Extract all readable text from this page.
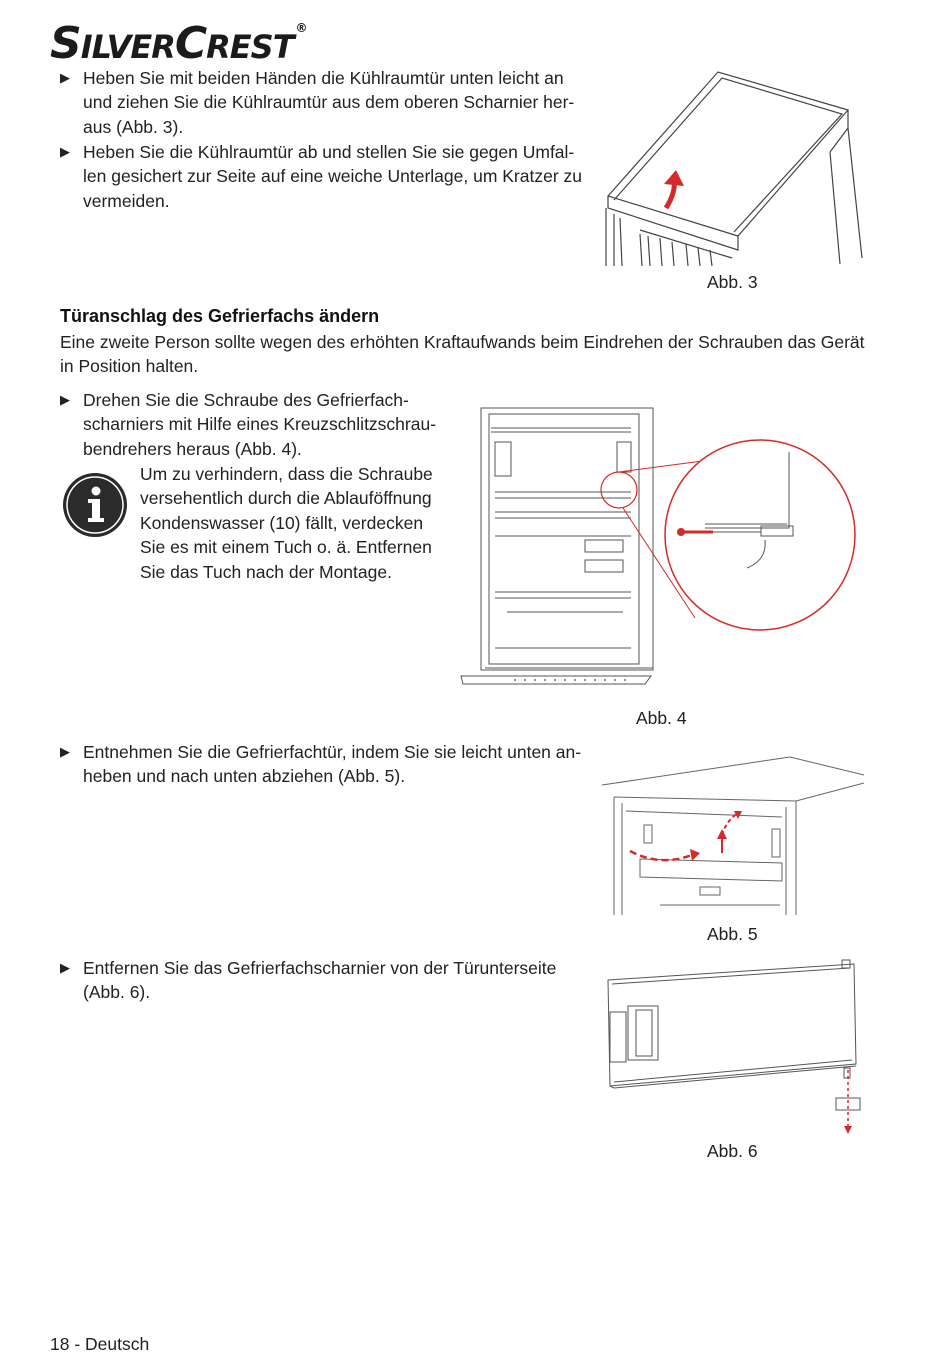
SILVERCREST ®
▶ Heben Sie mit beiden Händen die Kühlraumtür unten leicht an
und ziehen Sie die Kühlraumtür aus dem oberen Scharnier her-
aus (Abb. 3).
▶ Heben Sie die Kühlraumtür ab und stellen Sie sie gegen Umfal-
len gesichert zur Seite auf eine weiche Unterlage, um Kratzer zu
vermeiden.
Abb. 3
Türanschlag des Gefrierfachs ändern
Eine zweite Person sollte wegen des erhöhten Kraftaufwands beim Eindrehen der Schrauben das Gerät
in Position halten.
▶ Drehen Sie die Schraube des Gefrierfach-
scharniers mit Hilfe eines Kreuzschlitzschrau-
bendrehers heraus (Abb. 4).
Um zu verhindern, dass die Schraube
versehentlich durch die Ablauföffnung
Kondenswasser (10) fällt, verdecken
Sie es mit einem Tuch o. ä. Entfernen
Sie das Tuch nach der Montage.
Abb. 4
▶ Entnehmen Sie die Gefrierfachtür, indem Sie sie leicht unten an-
heben und nach unten abziehen (Abb. 5).
Abb. 5
▶ Entfernen Sie das Gefrierfachscharnier von der Türunterseite
(Abb. 6).
Abb. 6
18 - Deutsch
